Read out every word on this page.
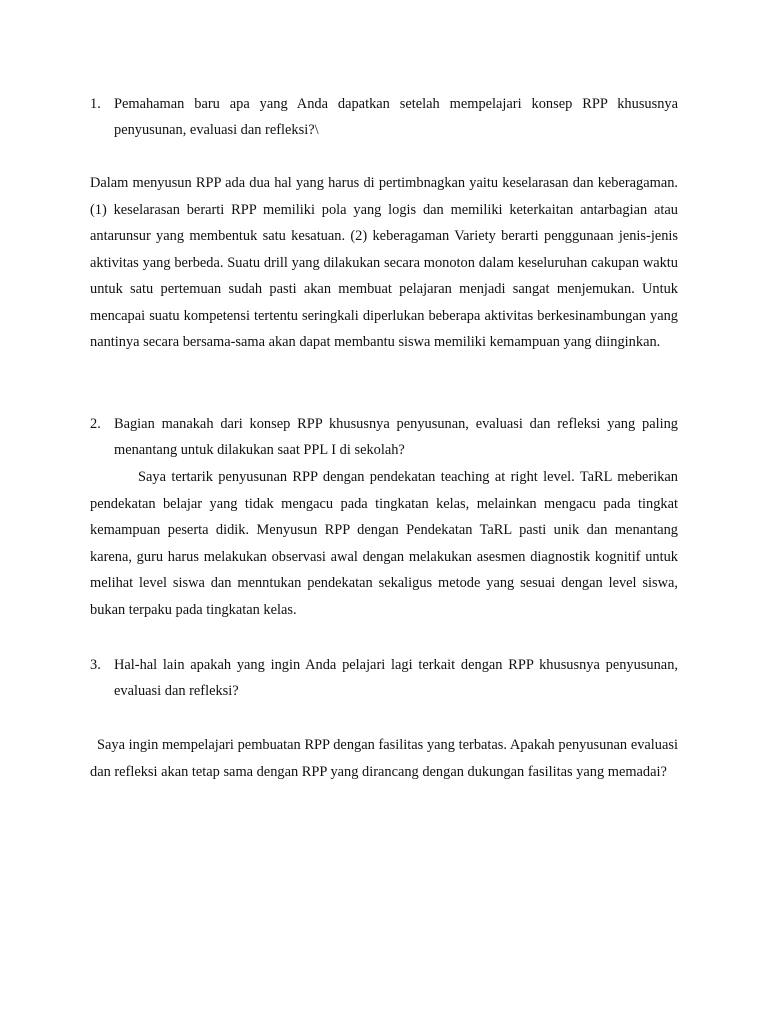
1. Pemahaman baru apa yang Anda dapatkan setelah mempelajari konsep RPP khususnya penyusunan, evaluasi dan refleksi?\
Dalam menyusun RPP ada dua hal yang harus di pertimbnagkan yaitu keselarasan dan keberagaman. (1) keselarasan berarti RPP memiliki pola yang logis dan memiliki keterkaitan antarbagian atau antarunsur yang membentuk satu kesatuan. (2) keberagaman Variety berarti penggunaan jenis-jenis aktivitas yang berbeda. Suatu drill yang dilakukan secara monoton dalam keseluruhan cakupan waktu untuk satu pertemuan sudah pasti akan membuat pelajaran menjadi sangat menjemukan. Untuk mencapai suatu kompetensi tertentu seringkali diperlukan beberapa aktivitas berkesinambungan yang nantinya secara bersama-sama akan dapat membantu siswa memiliki kemampuan yang diinginkan.
2. Bagian manakah dari konsep RPP khususnya penyusunan, evaluasi dan refleksi yang paling menantang untuk dilakukan saat PPL I di sekolah?
Saya tertarik penyusunan RPP dengan pendekatan teaching at right level. TaRL meberikan pendekatan belajar yang tidak mengacu pada tingkatan kelas, melainkan mengacu pada tingkat kemampuan peserta didik. Menyusun RPP dengan Pendekatan TaRL pasti unik dan menantang karena, guru harus melakukan observasi awal dengan melakukan asesmen diagnostik kognitif untuk melihat level siswa dan menntukan pendekatan sekaligus metode yang sesuai dengan level siswa, bukan terpaku pada tingkatan kelas.
3. Hal-hal lain apakah yang ingin Anda pelajari lagi terkait dengan RPP khususnya penyusunan, evaluasi dan refleksi?
Saya ingin mempelajari pembuatan RPP dengan fasilitas yang terbatas. Apakah penyusunan evaluasi dan refleksi akan tetap sama dengan RPP yang dirancang dengan dukungan fasilitas yang memadai?
